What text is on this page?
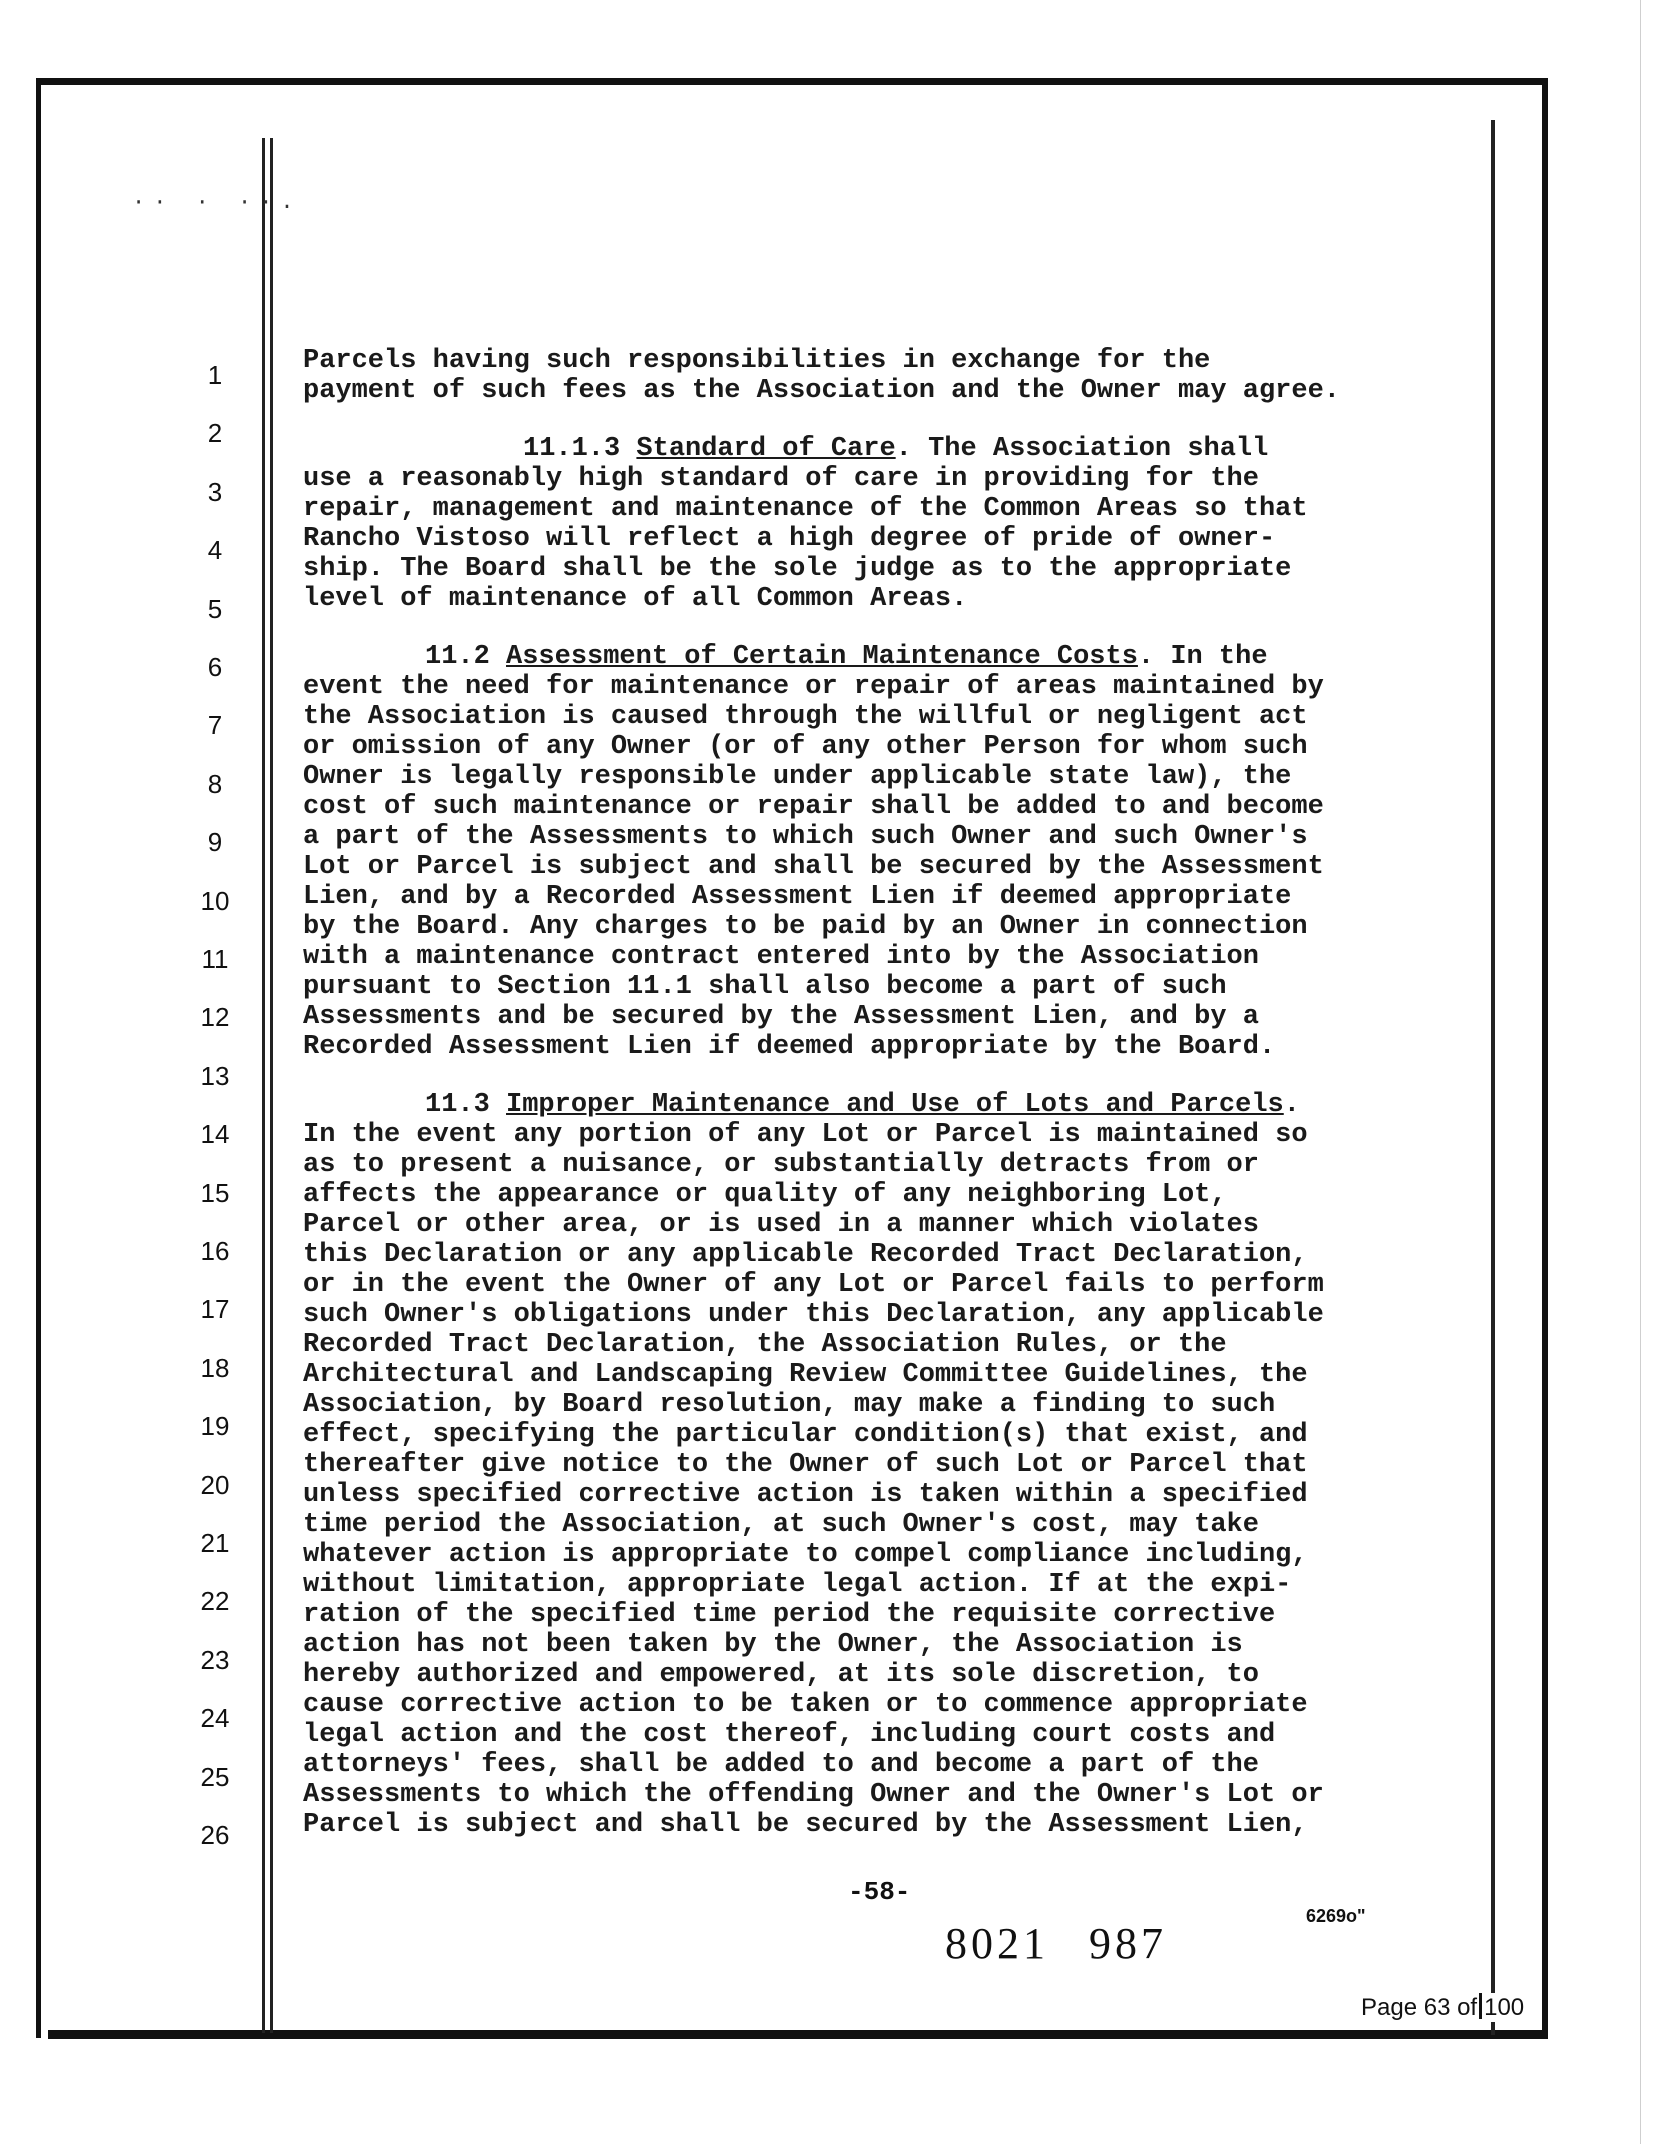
·· · ··.
1
2
3
4
5
6
7
8
9
10
11
12
13
14
15
16
17
18
19
20
21
22
23
24
25
26
Parcels having such responsibilities in exchange for the
payment of such fees as the Association and the Owner may agree.
11.1.3 Standard of Care. The Association shall
use a reasonably high standard of care in providing for the
repair, management and maintenance of the Common Areas so that
Rancho Vistoso will reflect a high degree of pride of owner-
ship. The Board shall be the sole judge as to the appropriate
level of maintenance of all Common Areas.
11.2 Assessment of Certain Maintenance Costs. In the
event the need for maintenance or repair of areas maintained by
the Association is caused through the willful or negligent act
or omission of any Owner (or of any other Person for whom such
Owner is legally responsible under applicable state law), the
cost of such maintenance or repair shall be added to and become
a part of the Assessments to which such Owner and such Owner's
Lot or Parcel is subject and shall be secured by the Assessment
Lien, and by a Recorded Assessment Lien if deemed appropriate
by the Board. Any charges to be paid by an Owner in connection
with a maintenance contract entered into by the Association
pursuant to Section 11.1 shall also become a part of such
Assessments and be secured by the Assessment Lien, and by a
Recorded Assessment Lien if deemed appropriate by the Board.
11.3 Improper Maintenance and Use of Lots and Parcels.
In the event any portion of any Lot or Parcel is maintained so
as to present a nuisance, or substantially detracts from or
affects the appearance or quality of any neighboring Lot,
Parcel or other area, or is used in a manner which violates
this Declaration or any applicable Recorded Tract Declaration,
or in the event the Owner of any Lot or Parcel fails to perform
such Owner's obligations under this Declaration, any applicable
Recorded Tract Declaration, the Association Rules, or the
Architectural and Landscaping Review Committee Guidelines, the
Association, by Board resolution, may make a finding to such
effect, specifying the particular condition(s) that exist, and
thereafter give notice to the Owner of such Lot or Parcel that
unless specified corrective action is taken within a specified
time period the Association, at such Owner's cost, may take
whatever action is appropriate to compel compliance including,
without limitation, appropriate legal action. If at the expi-
ration of the specified time period the requisite corrective
action has not been taken by the Owner, the Association is
hereby authorized and empowered, at its sole discretion, to
cause corrective action to be taken or to commence appropriate
legal action and the cost thereof, including court costs and
attorneys' fees, shall be added to and become a part of the
Assessments to which the offending Owner and the Owner's Lot or
Parcel is subject and shall be secured by the Assessment Lien,
-58-
8021 987
6269o"
Page 63 of 100
